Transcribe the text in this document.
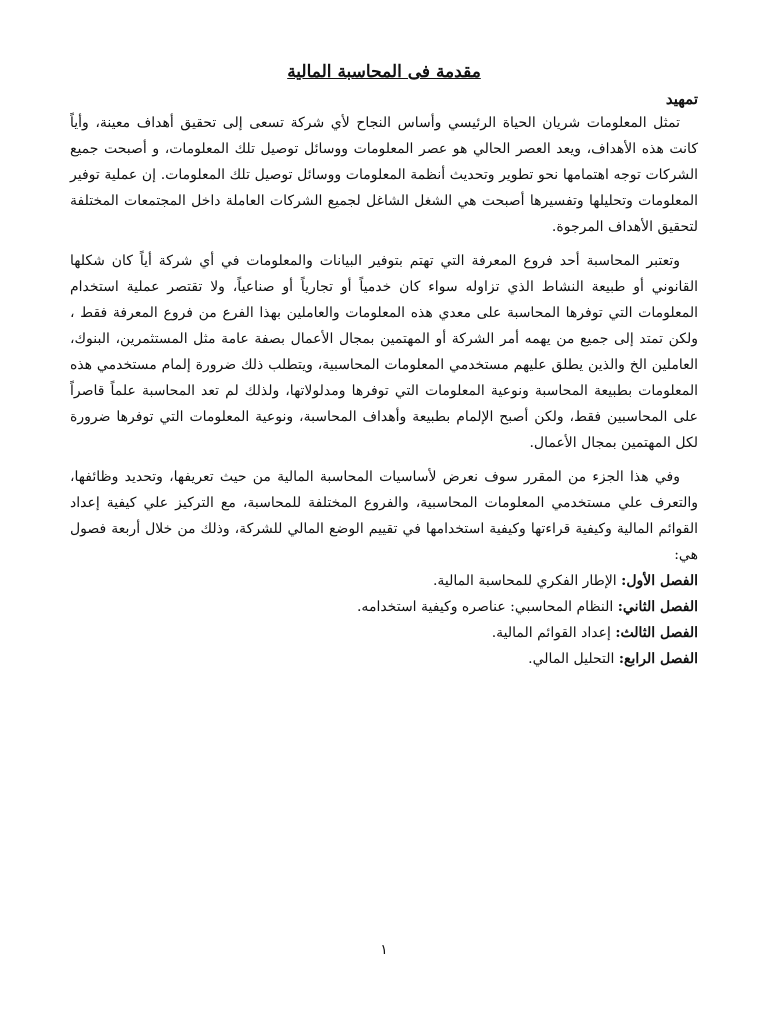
مقدمة فى المحاسبة المالية

تمهيد

تمثل المعلومات شريان الحياة الرئيسي وأساس النجاح لأي شركة تسعى إلى تحقيق أهداف معينة، وأياً كانت هذه الأهداف، ويعد العصر الحالي هو عصر المعلومات ووسائل توصيل تلك المعلومات، و أصبحت جميع الشركات توجه اهتمامها نحو تطوير وتحديث أنظمة المعلومات ووسائل توصيل تلك المعلومات. إن عملية توفير المعلومات وتحليلها وتفسيرها أصبحت هي الشغل الشاغل لجميع الشركات العاملة داخل المجتمعات المختلفة لتحقيق الأهداف المرجوة.

وتعتبر المحاسبة أحد فروع المعرفة التي تهتم بتوفير البيانات والمعلومات في أي شركة أياً كان شكلها القانوني أو طبيعة النشاط الذي تزاوله سواء كان خدمياً أو تجارياً أو صناعياً، ولا تقتصر عملية استخدام المعلومات التي توفرها المحاسبة على معدي هذه المعلومات والعاملين بهذا الفرع من فروع المعرفة فقط ، ولكن تمتد إلى جميع من يهمه أمر الشركة أو المهتمين بمجال الأعمال بصفة عامة مثل المستثمرين، البنوك، العاملين الخ والذين يطلق عليهم مستخدمي المعلومات المحاسبية، ويتطلب ذلك ضرورة إلمام مستخدمي هذه المعلومات بطبيعة المحاسبة ونوعية المعلومات التي توفرها ومدلولاتها، ولذلك لم تعد المحاسبة علماً قاصراً على المحاسبين فقط، ولكن أصبح الإلمام بطبيعة وأهداف المحاسبة، ونوعية المعلومات التي توفرها ضرورة لكل المهتمين بمجال الأعمال.

وفي هذا الجزء من المقرر سوف نعرض لأساسيات المحاسبة المالية من حيث تعريفها، وتحديد وظائفها، والتعرف علي مستخدمي المعلومات المحاسبية، والفروع المختلفة للمحاسبة، مع التركيز علي كيفية إعداد القوائم المالية وكيفية قراءتها وكيفية استخدامها في تقييم الوضع المالي للشركة، وذلك من خلال أربعة فصول هي:

الفصل الأول: الإطار الفكري للمحاسبة المالية.
الفصل الثاني: النظام المحاسبي: عناصره وكيفية استخدامه.
الفصل الثالث: إعداد القوائم المالية.
الفصل الرابع: التحليل المالي.
١
